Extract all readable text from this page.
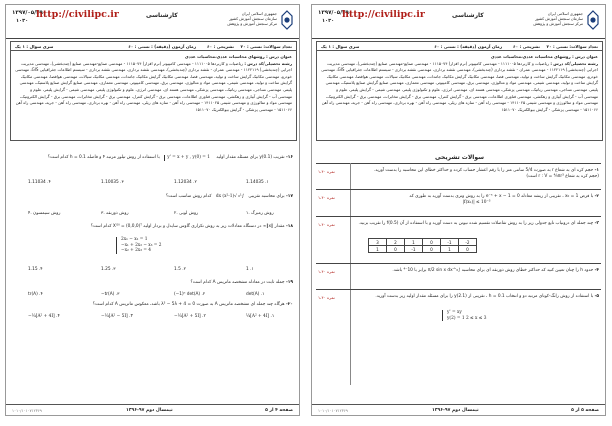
۱۳۹۷/۰۵/۲۹
۱۰۳۰
http://civilipc.ir	کارشناسی	جمهوری اسلامی ایران
سازمان سنجش آموزش کشور
مرکز سنجش آموزش و پژوهش
تعداد سوالات: تستی : ۲۰
زمان آزمون (دقیقه) : تستی : ۶۰	تشریحی : ۶۰
سری سوال : ۱ یک
عنوان درس : روشهای محاسبات عددی،محاسبات عددی
رشته تحصیلی/کد درس : ریاضیات و کاربردها ۱۱۱۱۰۰۵ - مهندسی کامپیوتر (نرم افزار) ۱۱۱۵۰۷۴ - مهندسی صنایع-مهندسی صنایع (چندبخشی)، مهندسی مدیریت اجرایی (چندبخشی) ۱۱۲۲۱۱۹ - مهندسی عمران - نقشه برداری (چندبخشی)، مهندسی نقشه برداری، مهندسی نقشه برداری - سیستم اطلاعات جغرافیایی GIS، مهندسی خودرو، مهندسی مکانیک گرایش ساخت و تولید، مهندسی فضا، مهندسی مکانیک گرایش مکانیک جامدات، مهندسی مکانیک سیالات، مهندسی هوافضا، مهندسی مکانیک گرایش ساخت و تولید، مهندسی شیمی، مهندسی مواد و متالوژی، مهندسی برق، مهندسی کامپیوتر، مهندسی معماری، مهندسی صنایع گرایش صنایع پلاستیک، مهندسی پلیمر، مهندسی نساجی، مهندسی رباتیک، مهندسی پزشکی، مهندسی هسته ای، مهندسی انرژی، علوم و تکنولوژی پلیمر، مهندسی شیمی - گرایش پلیمر، علوم و مهندسی آب - گرایش آبیاری و زهکشی، مهندسی فناوری اطلاعات، مهندسی برق - گرایش کنترل، مهندسی برق - گرایش مخابرات، مهندسی برق - گرایش الکترونیک، مهندسی مواد و متالورژی و مهندسی شیمی ۱۴۱۱۰۲۵ - مهندسی راه آهن - سازه های ریلی، مهندسی راه آهن - بهره برداری، مهندسی راه آهن - جریه، مهندسی راه آهن ۱۵۱۱۰۶۶ - مهندسی پزشکی - گرایش بیوالکتریک ۱۵۱۱۰۷۰
۱۶- تقریب y(0.1) برای مسئله مقدار اولیه y' = x + y , y(0) = 1 با استفاده از روش تیلور مرتبه ۴ و فاصله h = 0.1 کدام است؟
1.11034 .۴	1.10035 .۳	1.12034 .۲	1.14035 .۱
۱۷- برای محاسبه تقریبی ∫₀¹ √(1-x²) dx کدام روش مناسب است؟
روش سیمسون .۴	روش ذوزنقه .۳	روش لوبی .۲	روش رمبرگ .۱
۱۸- مقدار ‖x‖∞ در دستگاه معادلات زیر به روش تکراری گاوس سایدل و بردار اولیه X⁽⁰⁾ = (0,0,0)ᵀ کدام است؟
2x₁ − x₂ = 1
−x₁ + 2x₂ − x₃ = 2
−x₂ + 2x₃ = 4
1.15 .۴	1.25 .۳	1.5 .۲	1 .۱
۱۹- جمله ثابت در معادله مشخصه ماتریس A کدام است؟
tr(A) .۴	−tr(A) .۳	(−1)ⁿ det(A) .۲	det(A) .۱
۲۰- هرگاه چند جمله ای مشخصه ماتریس A به صورت λ³ − 5λ + 4 = 0 باشد، معکوس ماتریس A کدام است؟
−¼[A² + 4I] .۴	−¼[A² − 5I] .۳	−¼[A² + 5I] .۲	¼[A² + 4I] .۱
صفحه ۴ از ۵
نیمسال دوم ۹۷-۱۳۹۶
۱۰۱۰/۱۰۱۰۷۱۲۳۶۹
۱۳۹۷/۰۵/۲۹
۱۰۳۰
http://civilipc.ir	کارشناسی	جمهوری اسلامی ایران
سازمان سنجش آموزش کشور
مرکز سنجش آموزش و پژوهش
تعداد سوالات: تستی : ۲۰
زمان آزمون (دقیقه) : تستی : ۶۰	تشریحی : ۶۰
سری سوال : ۱ یک
عنوان درس : روشهای محاسبات عددی،محاسبات عددی
رشته تحصیلی/کد درس : ریاضیات و کاربردها ۱۱۱۱۰۰۵ - مهندسی کامپیوتر (نرم افزار) ۱۱۱۵۰۷۴ - مهندسی صنایع-مهندسی صنایع (چندبخشی)، مهندسی مدیریت اجرایی (چندبخشی) ۱۱۲۲۱۱۹ - مهندسی عمران - نقشه برداری (چندبخشی)، مهندسی نقشه برداری، مهندسی نقشه برداری - سیستم اطلاعات جغرافیایی GIS، مهندسی خودرو، مهندسی مکانیک گرایش ساخت و تولید، مهندسی فضا، مهندسی مکانیک گرایش مکانیک جامدات، مهندسی مکانیک سیالات، مهندسی هوافضا، مهندسی مکانیک گرایش ساخت و تولید، مهندسی شیمی، مهندسی مواد و متالوژی، مهندسی برق، مهندسی کامپیوتر، مهندسی معماری، مهندسی صنایع گرایش صنایع پلاستیک، مهندسی پلیمر، مهندسی نساجی، مهندسی رباتیک، مهندسی پزشکی، مهندسی هسته ای، مهندسی انرژی، علوم و تکنولوژی پلیمر، مهندسی شیمی - گرایش پلیمر، علوم و مهندسی آب - گرایش آبیاری و زهکشی، مهندسی فناوری اطلاعات، مهندسی برق - گرایش کنترل، مهندسی برق - گرایش مخابرات، مهندسی برق - گرایش الکترونیک، مهندسی مواد و متالورژی و مهندسی شیمی ۱۴۱۱۰۲۵ - مهندسی راه آهن - سازه های ریلی، مهندسی راه آهن - بهره برداری، مهندسی راه آهن - جریه، مهندسی راه آهن ۱۵۱۱۰۶۶ - مهندسی پزشکی - گرایش بیوالکتریک ۱۵۱۱۰۷۰
سوالات تشریحی
۱،۴۰ نمره	۱- حجم کره ای به شعاع r به صورت 5/4 سانتی متر را با رقم اعشار حساب کرده و حداکثر خطای این محاسبه را بدست آورید.
(حجم کره به شعاع r : V = ⁴⁄₃πr³ است)
۱،۴۰ نمره	۲- با فرض x₀ = 1 ، تقریبی از ریشه معادله e⁻ˣ + x − 1 = 0 را به روش وتری بدست آورید به طوری که
|f(xₙ)| ≤ 10⁻³
۱،۴۰ نمره	۳- چند جمله ای درونیاب تابع جدولی زیر را به روش تفاضلات تقسیم شده نیوتن به دست آورید و با استفاده از آن f(0.5) را تقریب بزنید.
3	2	1	0	-1	-2
1	0	-1	0	1	0
۱،۴۰ نمره	۴- حدود h را چنان تعیین کنید که حداکثر خطای روش ذوزنقه ای برای محاسبه ∫₀^π/2 sin x dx برابر با 10⁻⁴ باشد.
۱،۴۰ نمره	۵- با استفاده از روش رانگ-کوتای مرتبه دو و انتخاب h = 0.1 ، تقریبی از y(2.1) را برای مسئله مقدار اولیه زیر بدست آورید.
y' = xy
y(2) = 1 2 ≤ x ≤ 3
صفحه ۵ از ۵
نیمسال دوم ۹۷-۱۳۹۶
۱۰۱۰/۱۰۱۰۷۱۲۳۶۹
